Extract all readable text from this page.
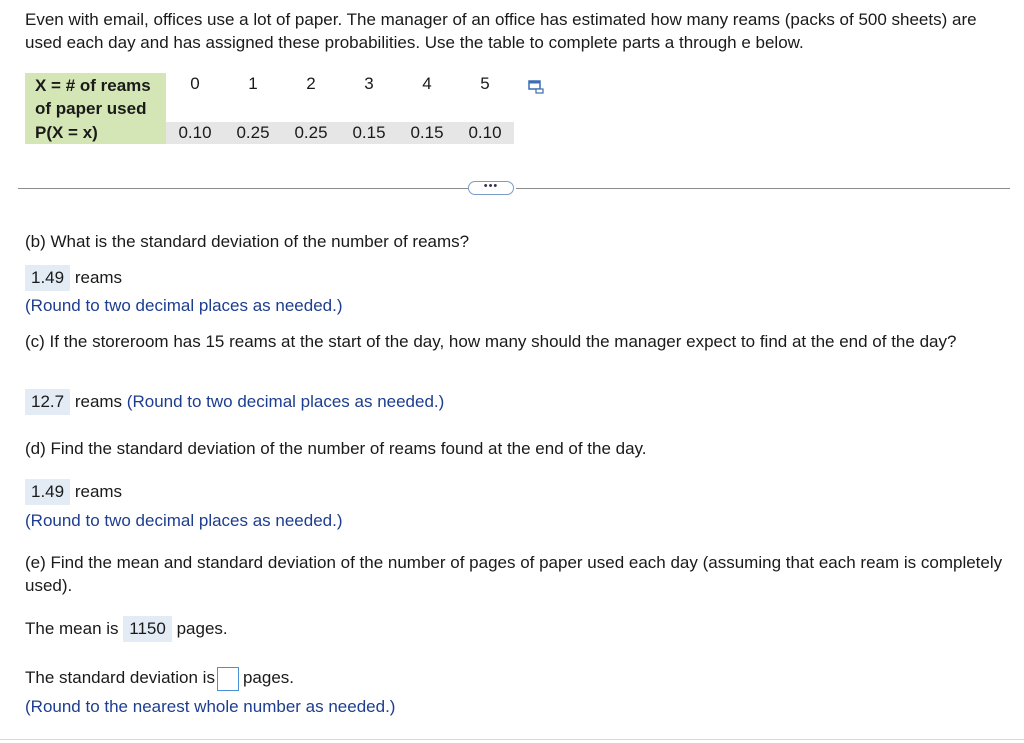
Even with email, offices use a lot of paper. The manager of an office has estimated how many reams (packs of 500 sheets) are used each day and has assigned these probabilities. Use the table to complete parts a through e below.
X = # of reams
of paper used	0	1	2	3	4	5
P(X = x)	0.10	0.25	0.25	0.15	0.15	0.10
•••
(b) What is the standard deviation of the number of reams?
1.49 reams
(Round to two decimal places as needed.)
(c) If the storeroom has 15 reams at the start of the day, how many should the manager expect to find at the end of the day?
12.7 reams (Round to two decimal places as needed.)
(d) Find the standard deviation of the number of reams found at the end of the day.
1.49 reams
(Round to two decimal places as needed.)
(e) Find the mean and standard deviation of the number of pages of paper used each day (assuming that each ream is completely used).
The mean is 1150 pages.
The standard deviation is pages.
(Round to the nearest whole number as needed.)
